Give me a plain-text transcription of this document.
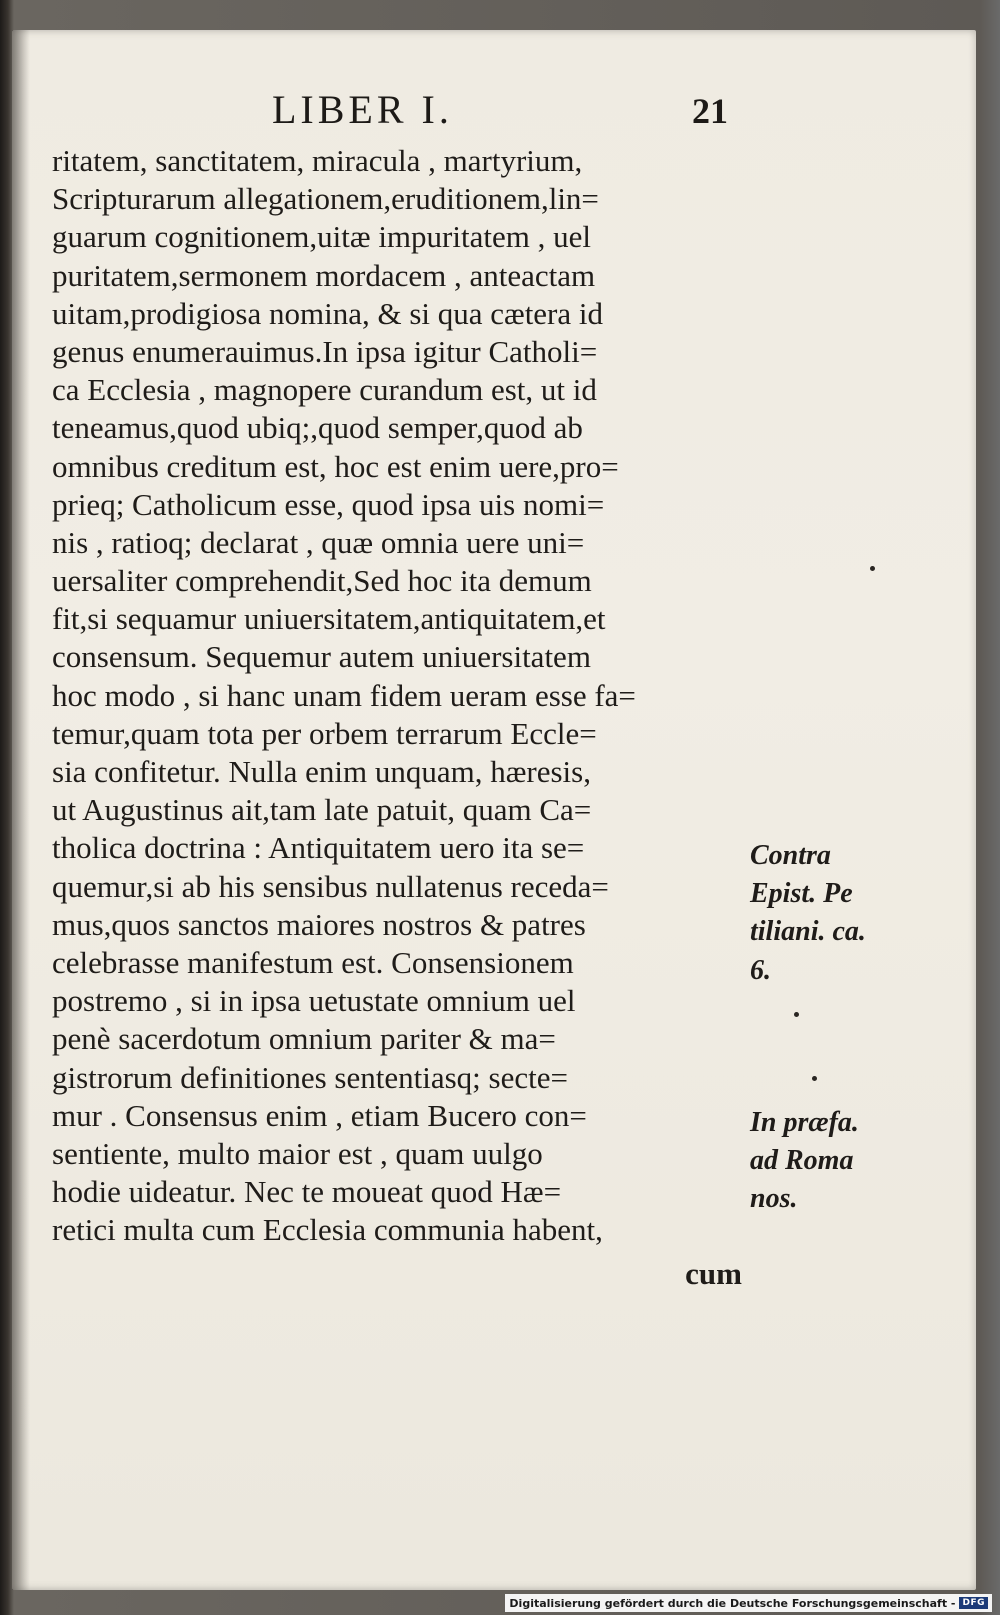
LIBER I.	21
ritatem, sanctitatem, miracula , martyrium,
Scripturarum allegationem,eruditionem,lin=
guarum cognitionem,uitæ impuritatem , uel
puritatem,sermonem mordacem , anteactam
uitam,prodigiosa nomina, & si qua cætera id
genus enumerauimus.In ipsa igitur Catholi=
ca Ecclesia , magnopere curandum est, ut id
teneamus,quod ubiq;,quod semper,quod ab
omnibus creditum est, hoc est enim uere,pro=
prieq; Catholicum esse, quod ipsa uis nomi=
nis , ratioq; declarat , quæ omnia uere uni=
uersaliter comprehendit,Sed hoc ita demum
fit,si sequamur uniuersitatem,antiquitatem,et
consensum. Sequemur autem uniuersitatem
hoc modo , si hanc unam fidem ueram esse fa=
temur,quam tota per orbem terrarum Eccle=
sia confitetur. Nulla enim unquam, hæresis,
ut Augustinus ait,tam late patuit, quam Ca=
tholica doctrina : Antiquitatem uero ita se=
quemur,si ab his sensibus nullatenus receda=
mus,quos sanctos maiores nostros & patres
celebrasse manifestum est. Consensionem
postremo , si in ipsa uetustate omnium uel
penè sacerdotum omnium pariter & ma=
gistrorum definitiones sententiasq; secte=
mur . Consensus enim , etiam Bucero con=
sentiente, multo maior est , quam uulgo
hodie uideatur. Nec te moueat quod Hæ=
retici multa cum Ecclesia communia habent,
Contra
Epist. Pe
tiliani. ca.
6.
In præfa.
ad Roma
nos.
cum
Digitalisierung gefördert durch die Deutsche Forschungsgemeinschaft - DFG
